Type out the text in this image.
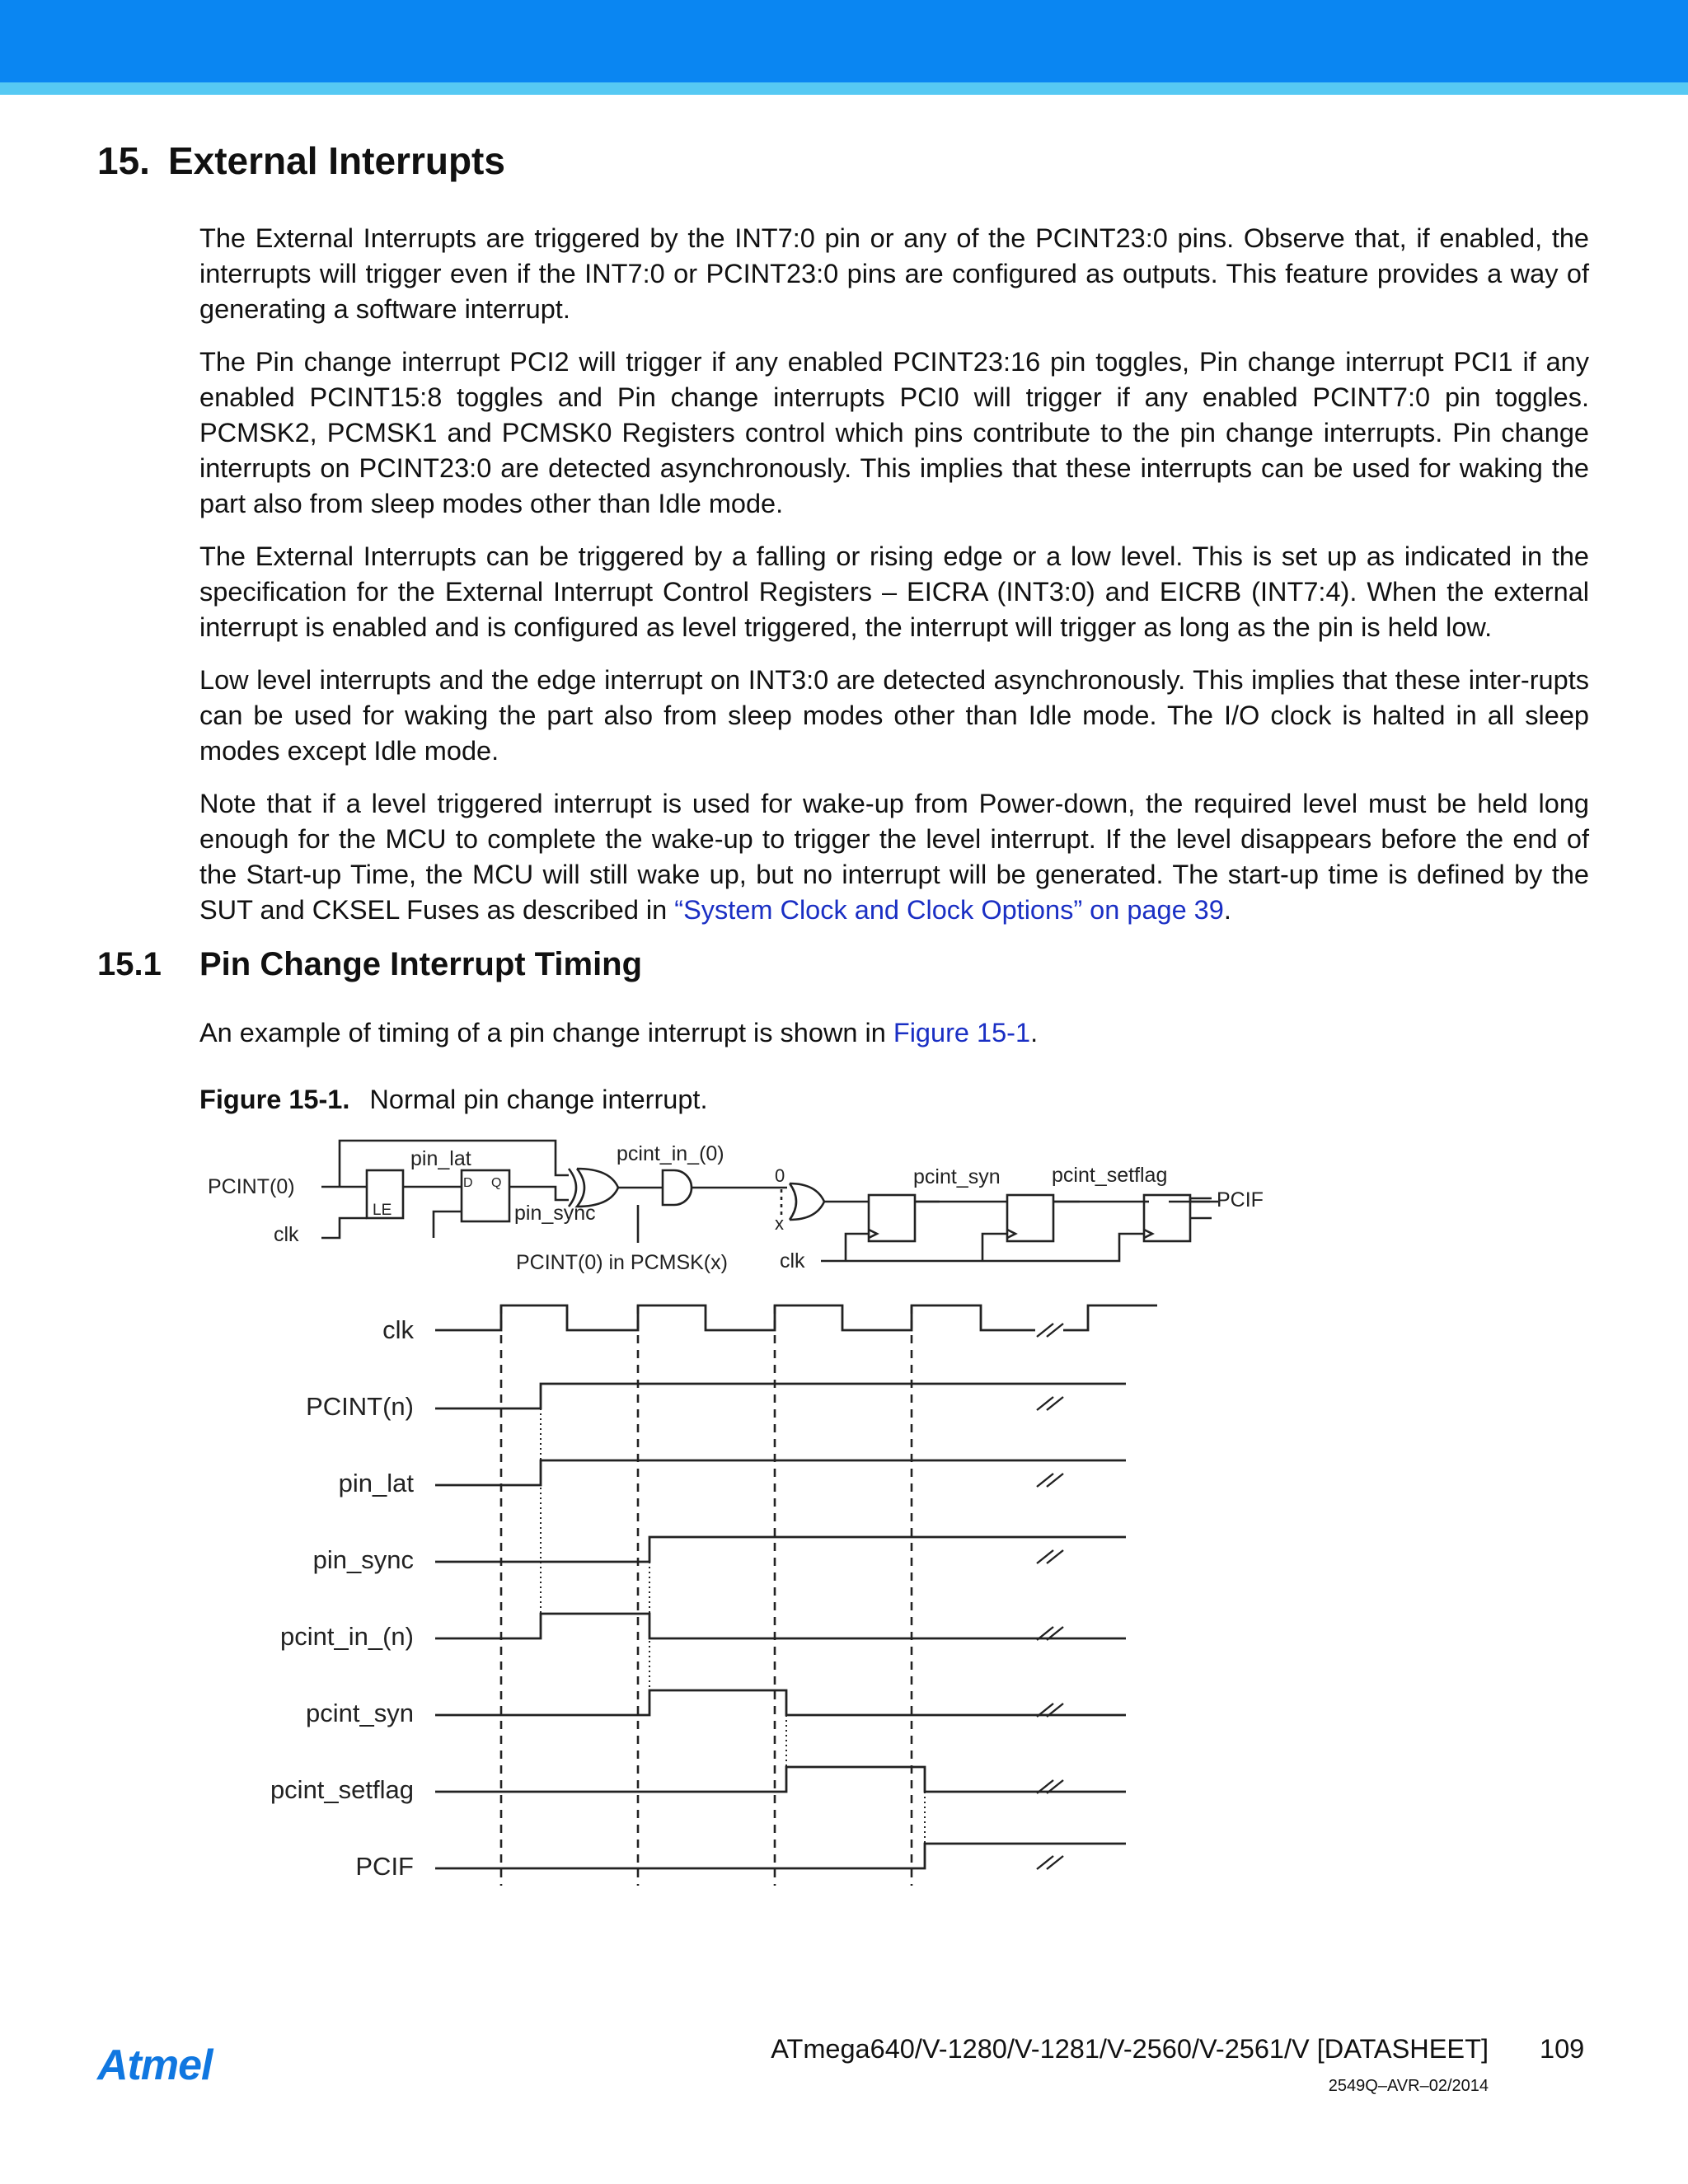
15. External Interrupts

The External Interrupts are triggered by the INT7:0 pin or any of the PCINT23:0 pins. Observe that, if enabled, the interrupts will trigger even if the INT7:0 or PCINT23:0 pins are configured as outputs. This feature provides a way of generating a software interrupt.

The Pin change interrupt PCI2 will trigger if any enabled PCINT23:16 pin toggles, Pin change interrupt PCI1 if any enabled PCINT15:8 toggles and Pin change interrupts PCI0 will trigger if any enabled PCINT7:0 pin toggles. PCMSK2, PCMSK1 and PCMSK0 Registers control which pins contribute to the pin change interrupts. Pin change interrupts on PCINT23:0 are detected asynchronously. This implies that these interrupts can be used for waking the part also from sleep modes other than Idle mode.

The External Interrupts can be triggered by a falling or rising edge or a low level. This is set up as indicated in the specification for the External Interrupt Control Registers – EICRA (INT3:0) and EICRB (INT7:4). When the external interrupt is enabled and is configured as level triggered, the interrupt will trigger as long as the pin is held low.

Low level interrupts and the edge interrupt on INT3:0 are detected asynchronously. This implies that these inter-rupts can be used for waking the part also from sleep modes other than Idle mode. The I/O clock is halted in all sleep modes except Idle mode.

Note that if a level triggered interrupt is used for wake-up from Power-down, the required level must be held long enough for the MCU to complete the wake-up to trigger the level interrupt. If the level disappears before the end of the Start-up Time, the MCU will still wake up, but no interrupt will be generated. The start-up time is defined by the SUT and CKSEL Fuses as described in “System Clock and Clock Options” on page 39.

15.1 Pin Change Interrupt Timing
An example of timing of a pin change interrupt is shown in Figure 15-1.
Figure 15-1. Normal pin change interrupt.
PCINT(0)
clk
pin_lat
LE
D Q
pin_sync
pcint_in_(0)
PCINT(0) in PCMSK(x)
0
x
clk
pcint_syn pcint_setflag
PCIF
clk
PCINT(n)
pin_lat
pin_sync
pcint_in_(n)
pcint_syn
pcint_setflag
PCIF
Atmel	ATmega640/V-1280/V-1281/V-2560/V-2561/V [DATASHEET] 109
2549Q–AVR–02/2014
